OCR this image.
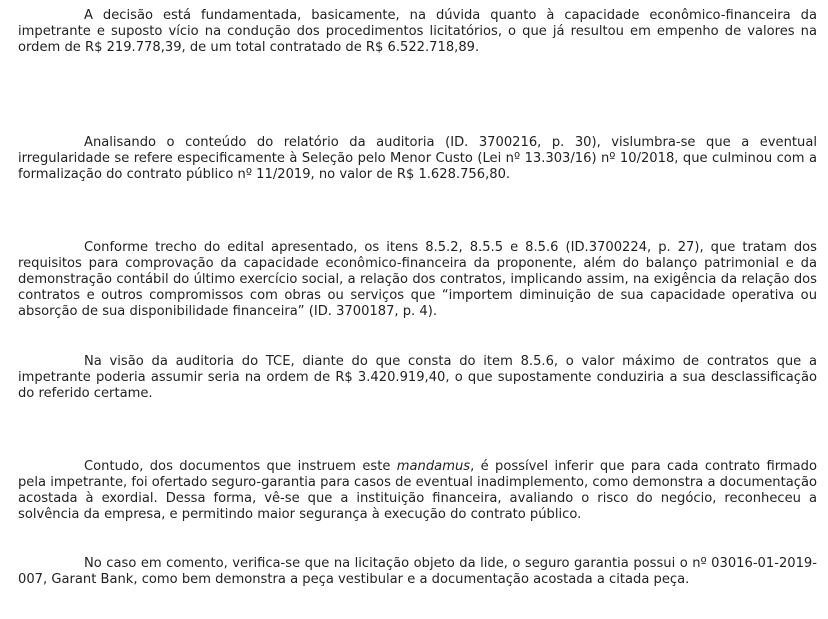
A decisão está fundamentada, basicamente, na dúvida quanto à capacidade econômico-financeira da impetrante e suposto vício na condução dos procedimentos licitatórios, o que já resultou em empenho de valores na ordem de R$ 219.778,39, de um total contratado de R$ 6.522.718,89.

Analisando o conteúdo do relatório da auditoria (ID. 3700216, p. 30), vislumbra-se que a eventual irregularidade se refere especificamente à Seleção pelo Menor Custo (Lei nº 13.303/16) nº 10/2018, que culminou com a formalização do contrato público nº 11/2019, no valor de R$ 1.628.756,80.

Conforme trecho do edital apresentado, os itens 8.5.2, 8.5.5 e 8.5.6 (ID.3700224, p. 27), que tratam dos requisitos para comprovação da capacidade econômico-financeira da proponente, além do balanço patrimonial e da demonstração contábil do último exercício social, a relação dos contratos, implicando assim, na exigência da relação dos contratos e outros compromissos com obras ou serviços que “importem diminuição de sua capacidade operativa ou absorção de sua disponibilidade financeira” (ID. 3700187, p. 4).

Na visão da auditoria do TCE, diante do que consta do item 8.5.6, o valor máximo de contratos que a impetrante poderia assumir seria na ordem de R$ 3.420.919,40, o que supostamente conduziria a sua desclassificação do referido certame.

Contudo, dos documentos que instruem este mandamus, é possível inferir que para cada contrato firmado pela impetrante, foi ofertado seguro-garantia para casos de eventual inadimplemento, como demonstra a documentação acostada à exordial. Dessa forma, vê-se que a instituição financeira, avaliando o risco do negócio, reconheceu a solvência da empresa, e permitindo maior segurança à execução do contrato público.

No caso em comento, verifica-se que na licitação objeto da lide, o seguro garantia possui o nº 03016-01-2019-007, Garant Bank, como bem demonstra a peça vestibular e a documentação acostada a citada peça.
